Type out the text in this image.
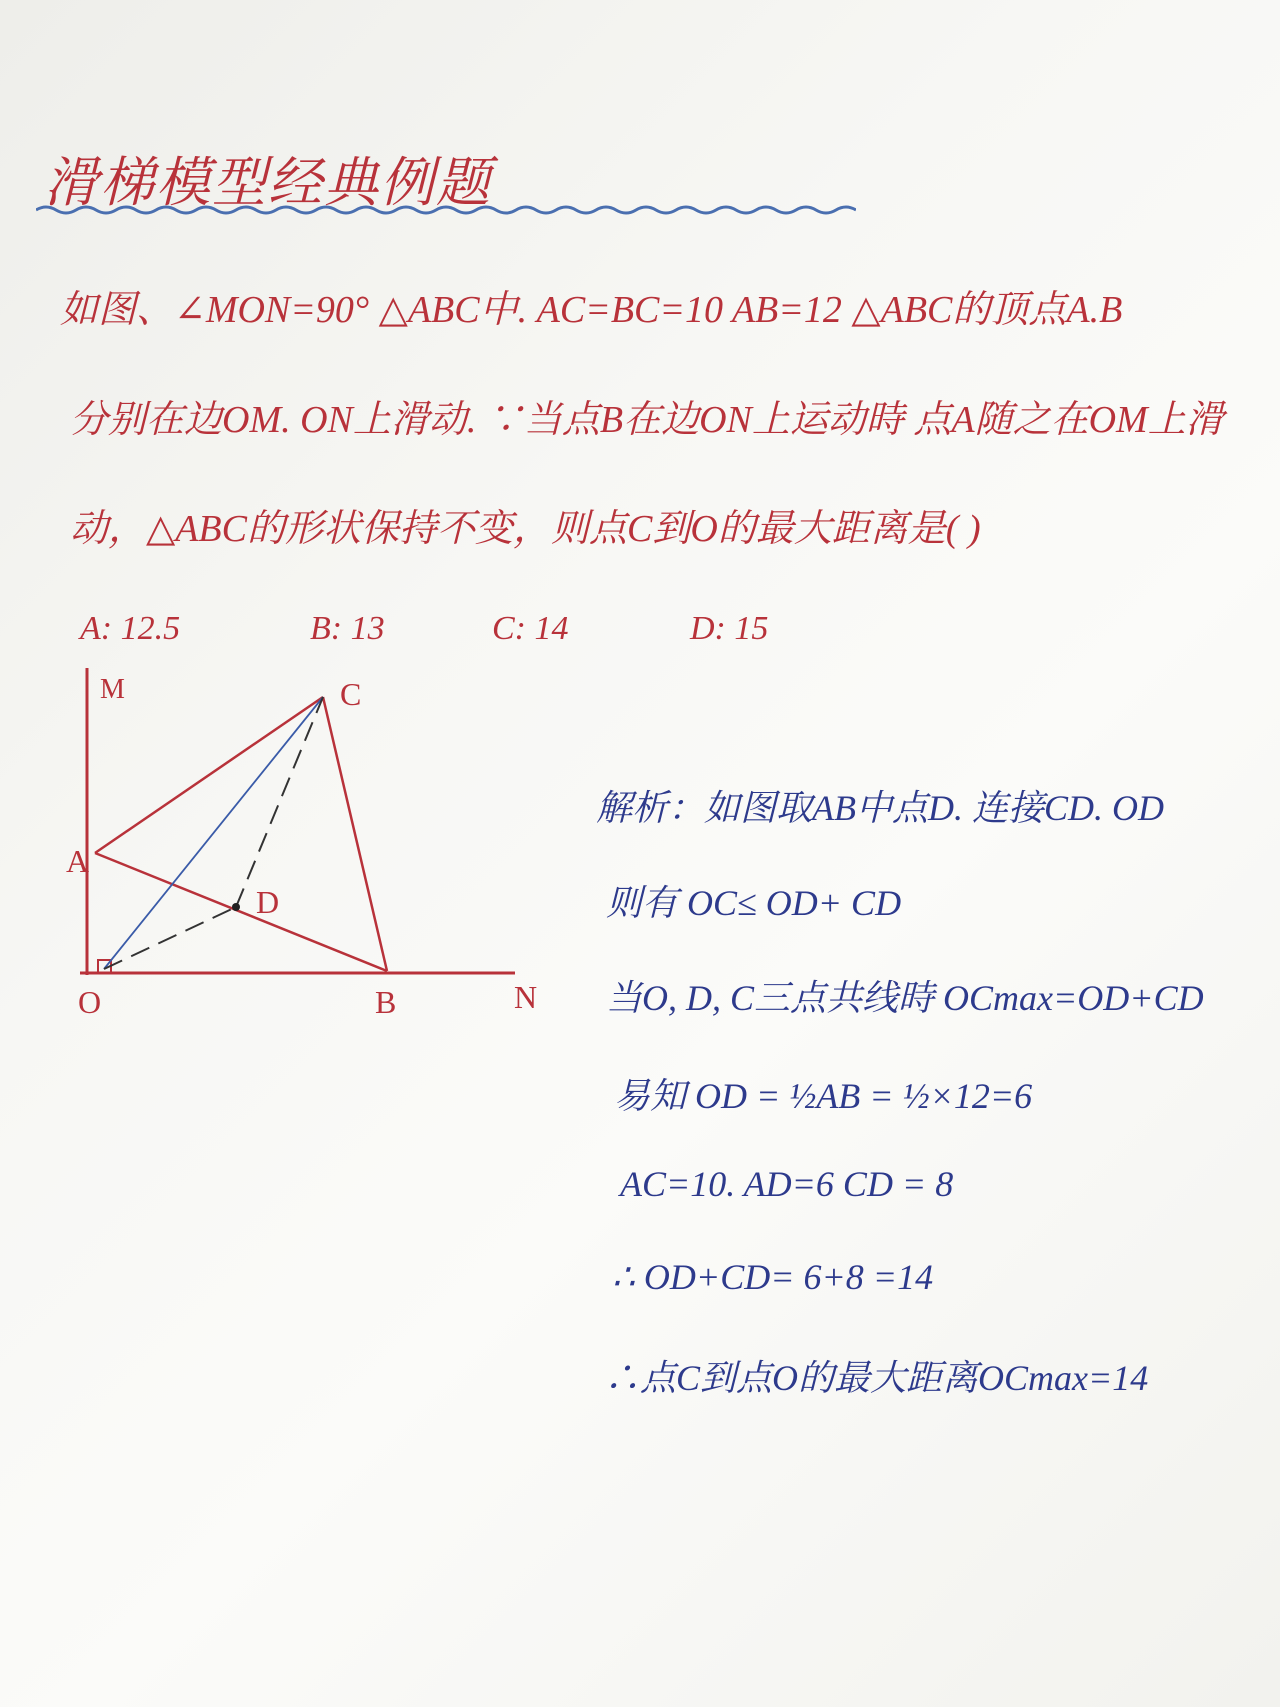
滑梯模型经典例题
如图、∠MON=90° △ABC中. AC=BC=10 AB=12 △ABC的顶点A.B
分别在边OM. ON上滑动. ∵当点B在边ON上运动時 点A随之在OM上滑
动，△ABC的形状保持不变，则点C到O的最大距离是( )
A: 12.5	B: 13	C: 14	D: 15
M	C
A
D
O	B	N
解析：如图取AB中点D. 连接CD. OD
则有 OC≤ OD+ CD
当O, D, C三点共线時 OCmax=OD+CD
易知 OD = ½AB = ½×12=6
AC=10. AD=6 CD = 8
∴ OD+CD= 6+8 =14
∴点C到点O的最大距离OCmax=14
